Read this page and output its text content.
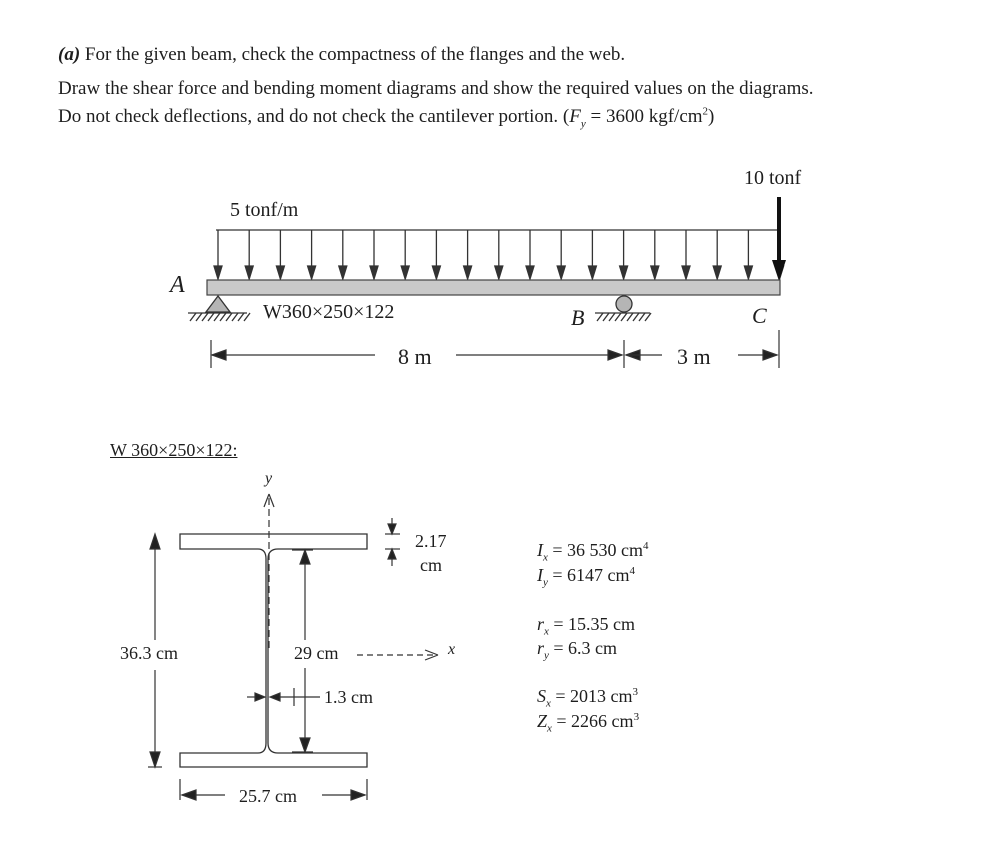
(a) For the given beam, check the compactness of the flanges and the web.
Draw the shear force and bending moment diagrams and show the required values on the diagrams.
Do not check deflections, and do not check the cantilever portion. ($F_y = 3600$ kgf/$cm^2$)
5 tonf/m
10 tonf
A
W360×250×122	B	C
8 m	3 m
W 360×250×122:
y
x
36.3 cm	29 cm
2.17
cm
1.3 cm
25.7 cm
$I_x = 36$ 530 $cm^4$
$I_y = 6147$ $cm^4$
$r_x = 15.35$ cm
$r_y = 6.3$ cm
$S_x = 2013$ $cm^3$
$Z_x = 2266$ $cm^3$
